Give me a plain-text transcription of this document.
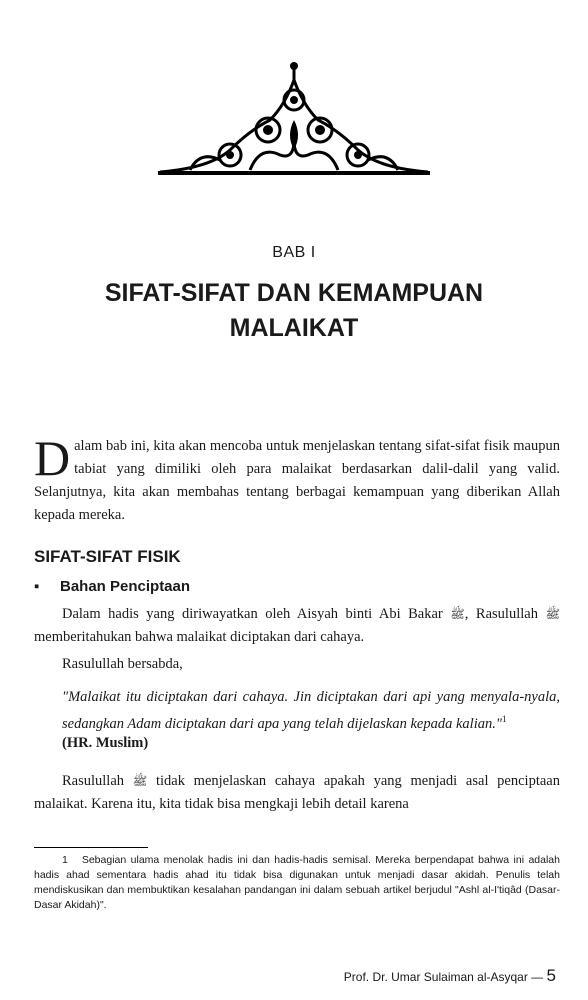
BAB I
SIFAT-SIFAT DAN KEMAMPUAN
MALAIKAT
Dalam bab ini, kita akan mencoba untuk menjelaskan tentang sifat-sifat fisik maupun tabiat yang dimiliki oleh para malaikat berdasarkan dalil-dalil yang valid. Selanjutnya, kita akan membahas tentang berbagai kemampuan yang diberikan Allah kepada mereka.
SIFAT-SIFAT FISIK
▪ Bahan Penciptaan
Dalam hadis yang diriwayatkan oleh Aisyah binti Abi Bakar ﷺ, Rasulullah ﷺ memberitahukan bahwa malaikat diciptakan dari cahaya.
Rasulullah bersabda,
"Malaikat itu diciptakan dari cahaya. Jin diciptakan dari api yang menyala-nyala, sedangkan Adam diciptakan dari apa yang telah dijelaskan kepada kalian."$^1$
(HR. Muslim)
Rasulullah ﷺ tidak menjelaskan cahaya apakah yang menjadi asal penciptaan malaikat. Karena itu, kita tidak bisa mengkaji lebih detail karena
1 Sebagian ulama menolak hadis ini dan hadis-hadis semisal. Mereka berpendapat bahwa ini adalah hadis ahad sementara hadis ahad itu tidak bisa digunakan untuk menjadi dasar akidah. Penulis telah mendiskusikan dan membuktikan kesalahan pandangan ini dalam sebuah artikel berjudul "Ashl al-I'tiqâd (Dasar-Dasar Akidah)".
Prof. Dr. Umar Sulaiman al-Asyqar — 5
